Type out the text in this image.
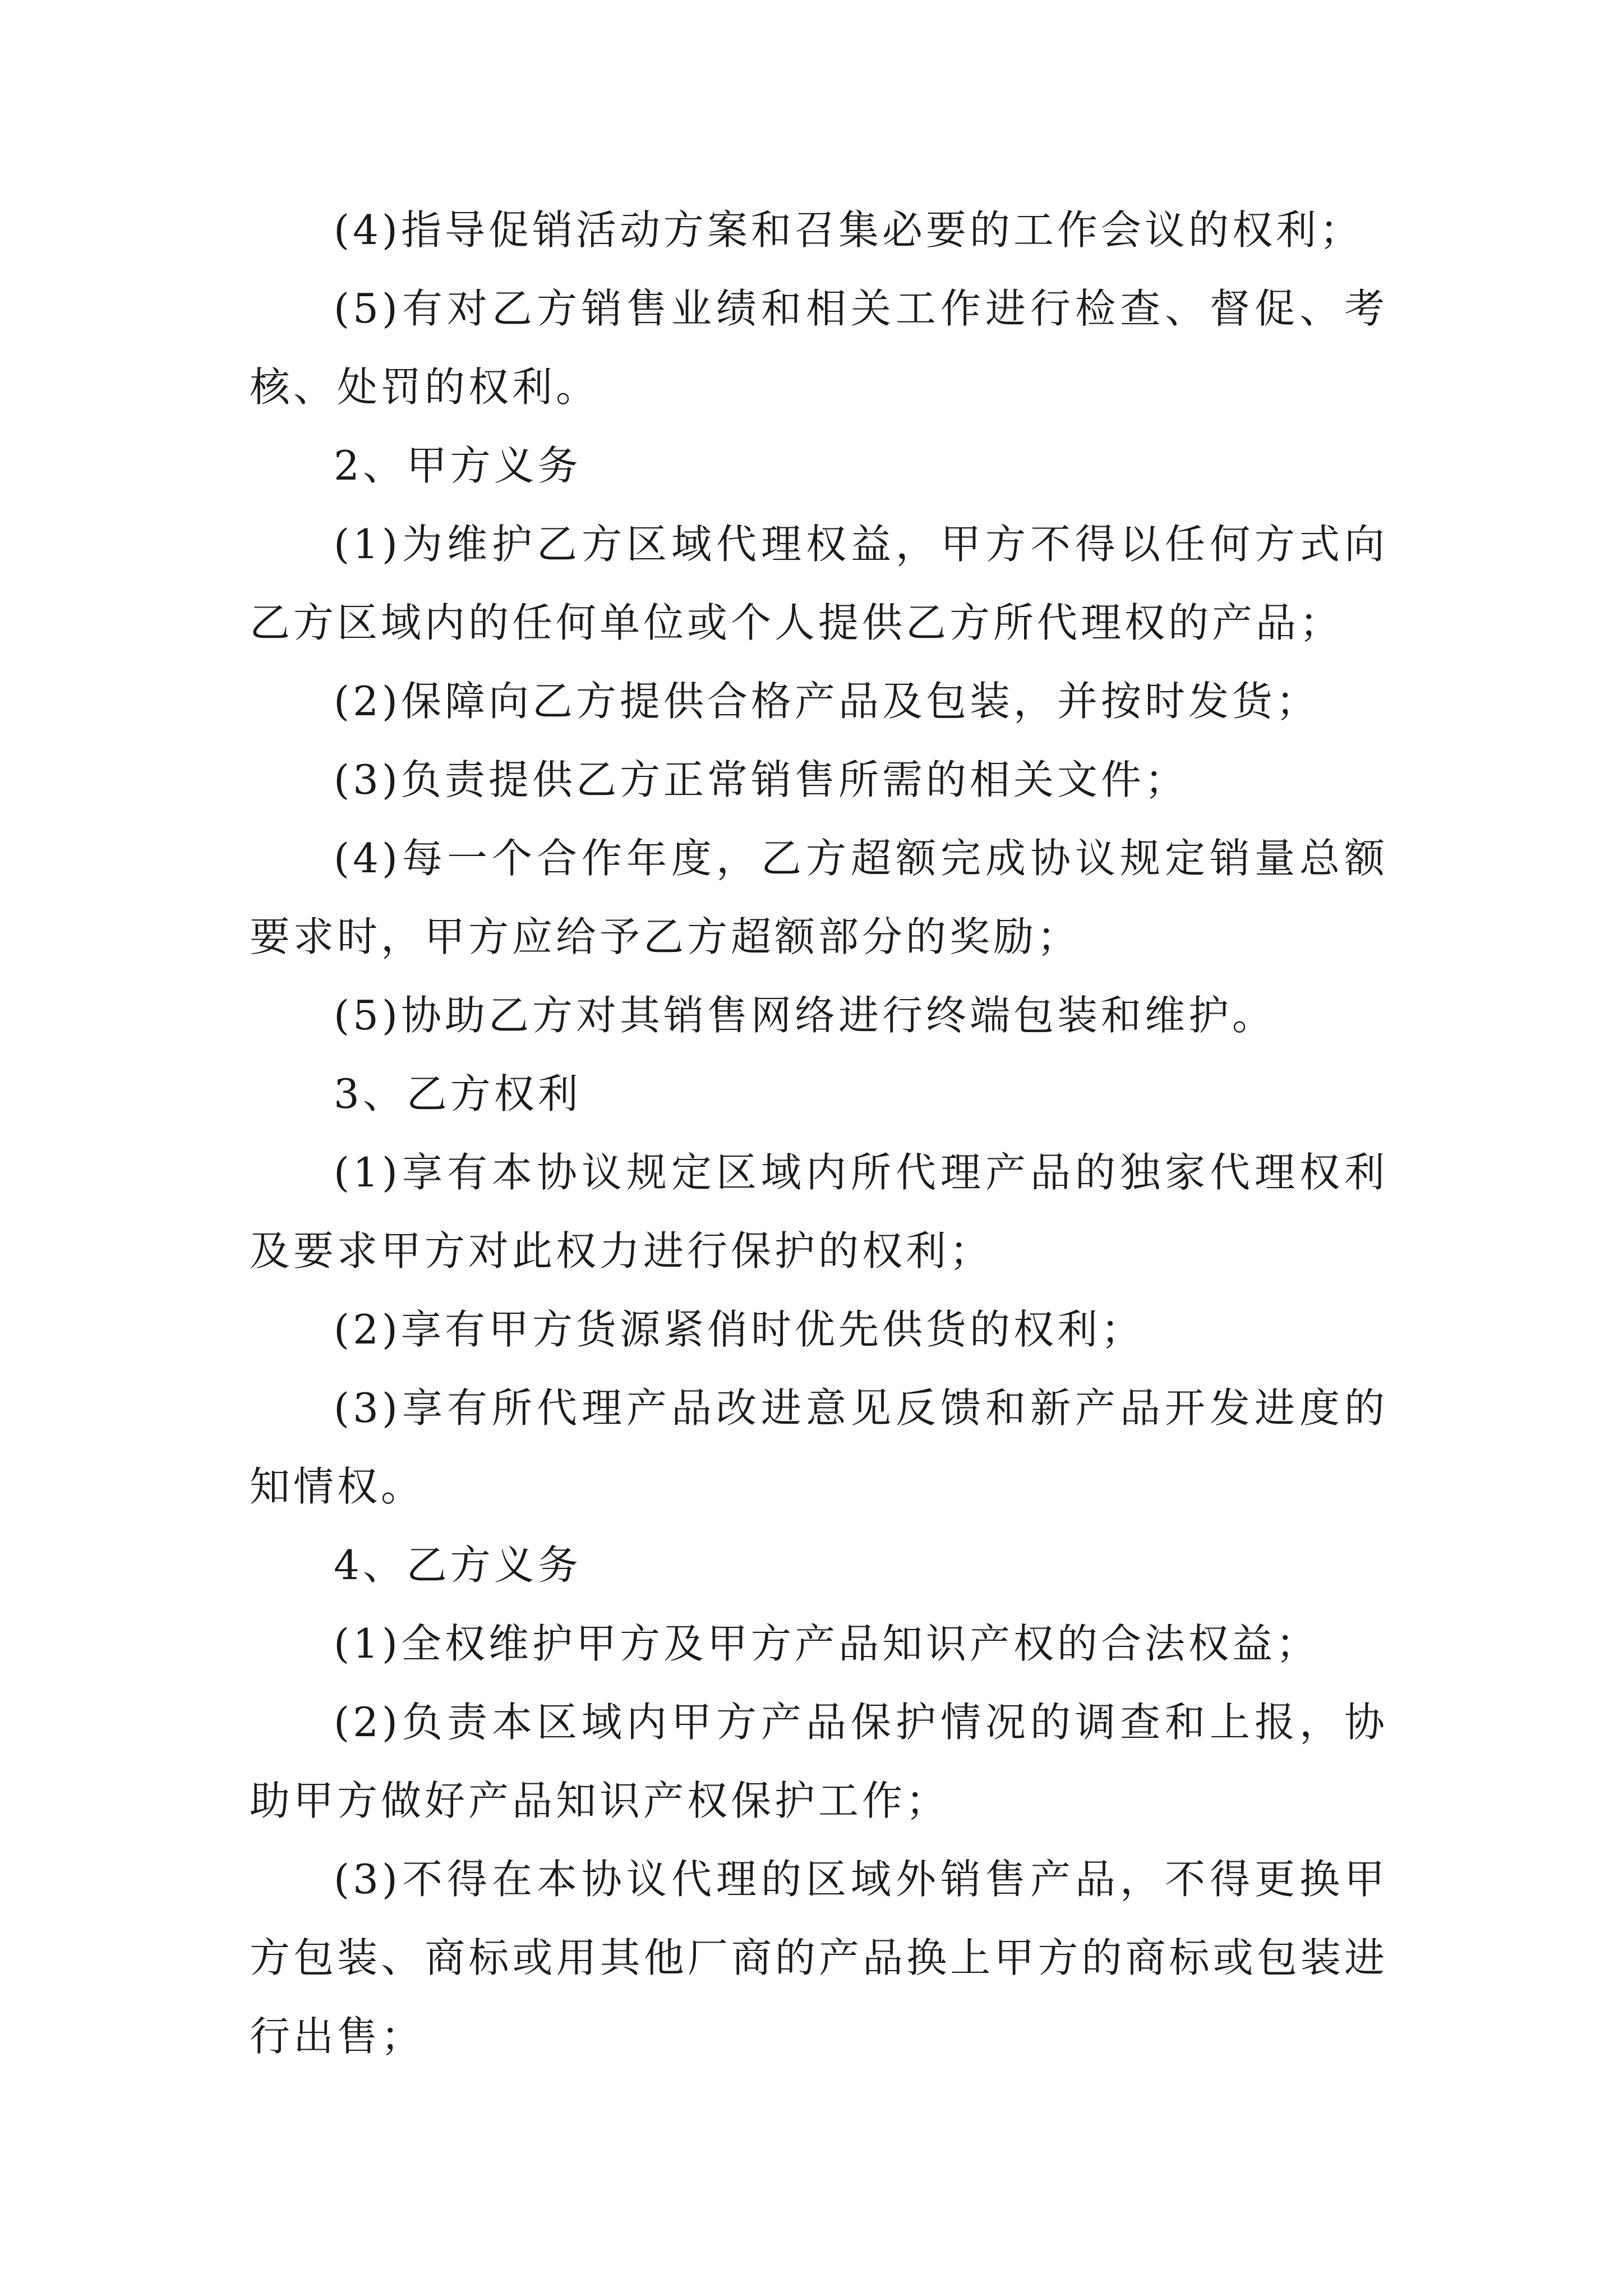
(4)指导促销活动方案和召集必要的工作会议的权利；

(5)有对乙方销售业绩和相关工作进行检查、督促、考核、处罚的权利。

2、甲方义务

(1)为维护乙方区域代理权益，甲方不得以任何方式向乙方区域内的任何单位或个人提供乙方所代理权的产品；

(2)保障向乙方提供合格产品及包装，并按时发货；

(3)负责提供乙方正常销售所需的相关文件；

(4)每一个合作年度，乙方超额完成协议规定销量总额要求时，甲方应给予乙方超额部分的奖励；

(5)协助乙方对其销售网络进行终端包装和维护。

3、乙方权利

(1)享有本协议规定区域内所代理产品的独家代理权利及要求甲方对此权力进行保护的权利；

(2)享有甲方货源紧俏时优先供货的权利；

(3)享有所代理产品改进意见反馈和新产品开发进度的知情权。

4、乙方义务

(1)全权维护甲方及甲方产品知识产权的合法权益；

(2)负责本区域内甲方产品保护情况的调查和上报，协助甲方做好产品知识产权保护工作；

(3)不得在本协议代理的区域外销售产品，不得更换甲方包装、商标或用其他厂商的产品换上甲方的商标或包装进行出售；
